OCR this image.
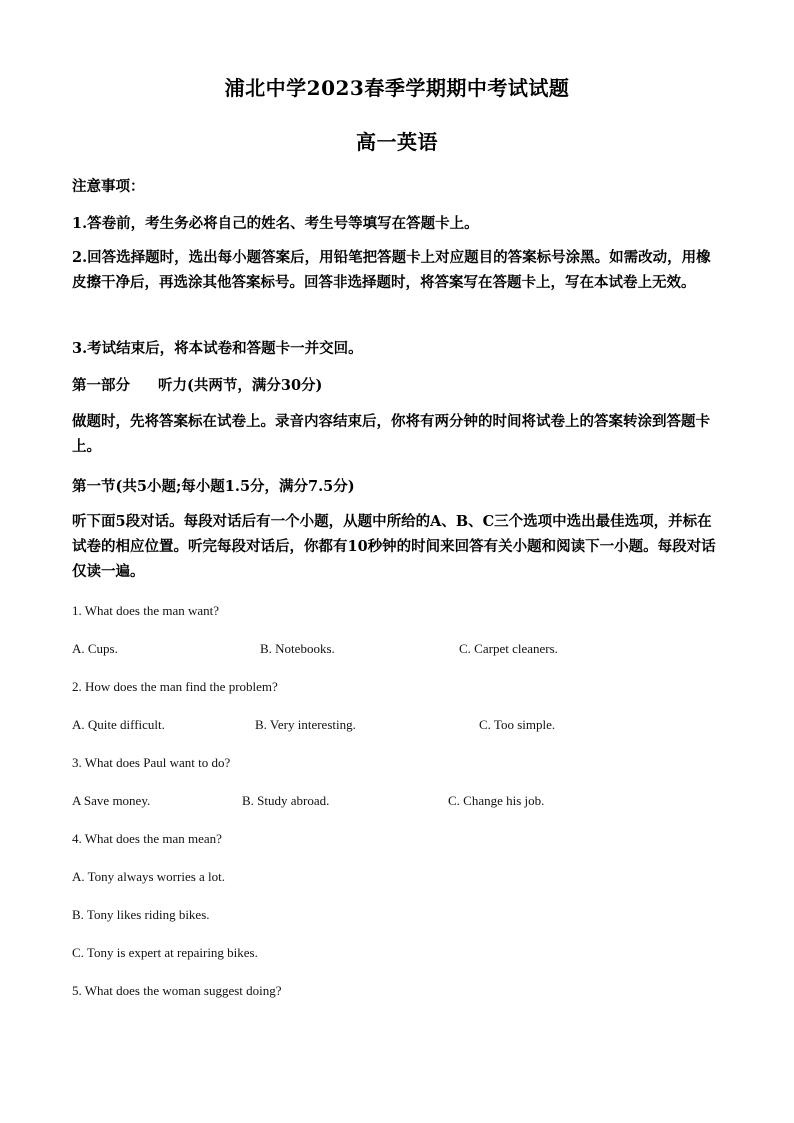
浦北中学2023春季学期期中考试试题
高一英语
注意事项：
1.答卷前，考生务必将自己的姓名、考生号等填写在答题卡上。
2.回答选择题时，选出每小题答案后，用铅笔把答题卡上对应题目的答案标号涂黑。如需改动，用橡皮擦干净后，再选涂其他答案标号。回答非选择题时，将答案写在答题卡上，写在本试卷上无效。
3.考试结束后，将本试卷和答题卡一并交回。
第一部分 听力(共两节，满分30分)
做题时，先将答案标在试卷上。录音内容结束后，你将有两分钟的时间将试卷上的答案转涂到答题卡上。
第一节(共5小题;每小题1.5分，满分7.5分)
听下面5段对话。每段对话后有一个小题，从题中所给的A、B、C三个选项中选出最佳选项，并标在试卷的相应位置。听完每段对话后，你都有10秒钟的时间来回答有关小题和阅读下一小题。每段对话仅读一遍。
1. What does the man want?
A. Cups.	B. Notebooks.	C. Carpet cleaners.
2. How does the man find the problem?
A. Quite difficult.	B. Very interesting.	C. Too simple.
3. What does Paul want to do?
A Save money.	B. Study abroad.	C. Change his job.
4. What does the man mean?
A. Tony always worries a lot.
B. Tony likes riding bikes.
C. Tony is expert at repairing bikes.
5. What does the woman suggest doing?
